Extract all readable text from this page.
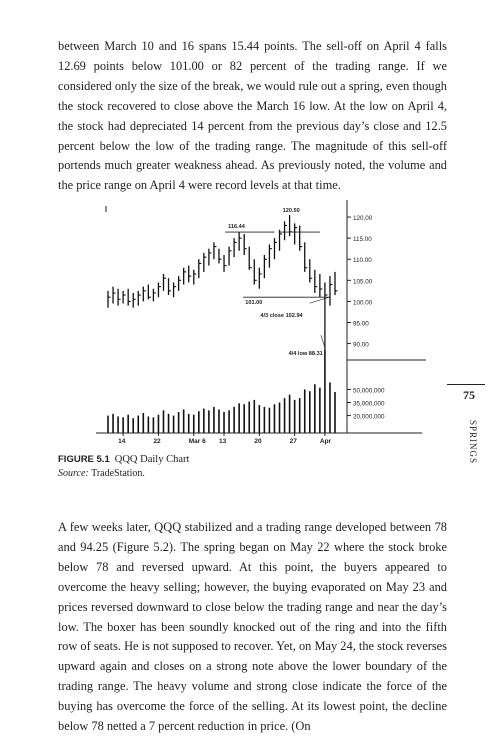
between March 10 and 16 spans 15.44 points. The sell-off on April 4 falls 12.69 points below 101.00 or 82 percent of the trading range. If we considered only the size of the break, we would rule out a spring, even though the stock recovered to close above the March 16 low. At the low on April 4, the stock had depreciated 14 percent from the previous day’s close and 12.5 percent below the low of the trading range. The magnitude of this sell-off portends much greater weakness ahead. As previously noted, the volume and the price range on April 4 were record levels at that time.

120.00
115.00
110.00
105.00
100.00
95.00
90.00
50,000,000
35,000,000
20,000,000
120.50
116.44
101.00
4/3 close 102.94
4/4 low 88.31
14	22	Mar 6 13	20	27	Apr
FIGURE 5.1 QQQ Daily Chart
Source: TradeStation.
75
SPRINGS

A few weeks later, QQQ stabilized and a trading range developed between 78 and 94.25 (Figure 5.2). The spring began on May 22 where the stock broke below 78 and reversed upward. At this point, the buyers appeared to overcome the heavy selling; however, the buying evaporated on May 23 and prices reversed downward to close below the trading range and near the day’s low. The boxer has been soundly knocked out of the ring and into the fifth row of seats. He is not supposed to recover. Yet, on May 24, the stock reverses upward again and closes on a strong note above the lower boundary of the trading range. The heavy volume and strong close indicate the force of the buying has overcome the force of the selling. At its lowest point, the decline below 78 netted a 7 percent reduction in price. (On
